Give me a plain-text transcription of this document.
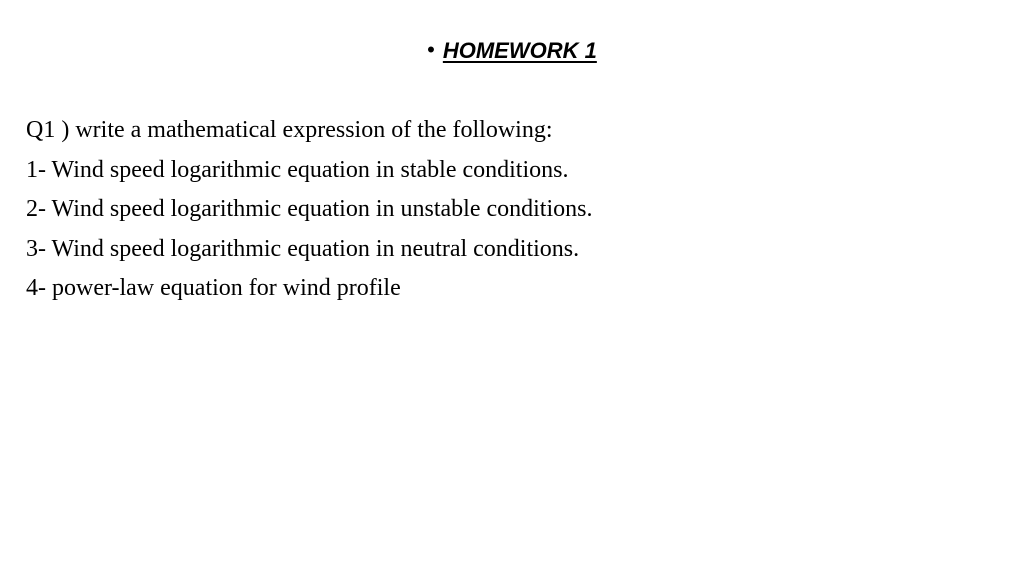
• HOMEWORK 1
Q1 ) write a mathematical expression of the following:
1- Wind speed logarithmic equation in stable conditions.
2- Wind speed logarithmic equation in unstable conditions.
3- Wind speed logarithmic equation in neutral conditions.
4- power-law equation for wind profile
